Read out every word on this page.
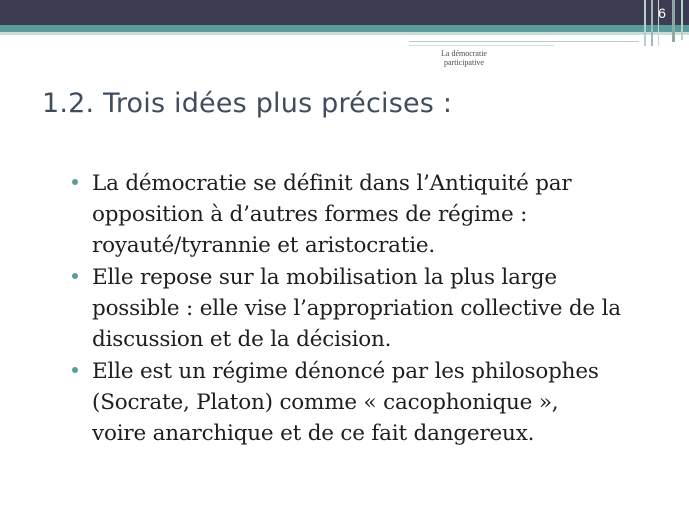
6
La démocratie
participative
1.2. Trois idées plus précises :
La démocratie se définit dans l’Antiquité par
opposition à d’autres formes de régime :
royauté/tyrannie et aristocratie.
Elle repose sur la mobilisation la plus large
possible : elle vise l’appropriation collective de la
discussion et de la décision.
Elle est un régime dénoncé par les philosophes
(Socrate, Platon) comme « cacophonique »,
voire anarchique et de ce fait dangereux.
